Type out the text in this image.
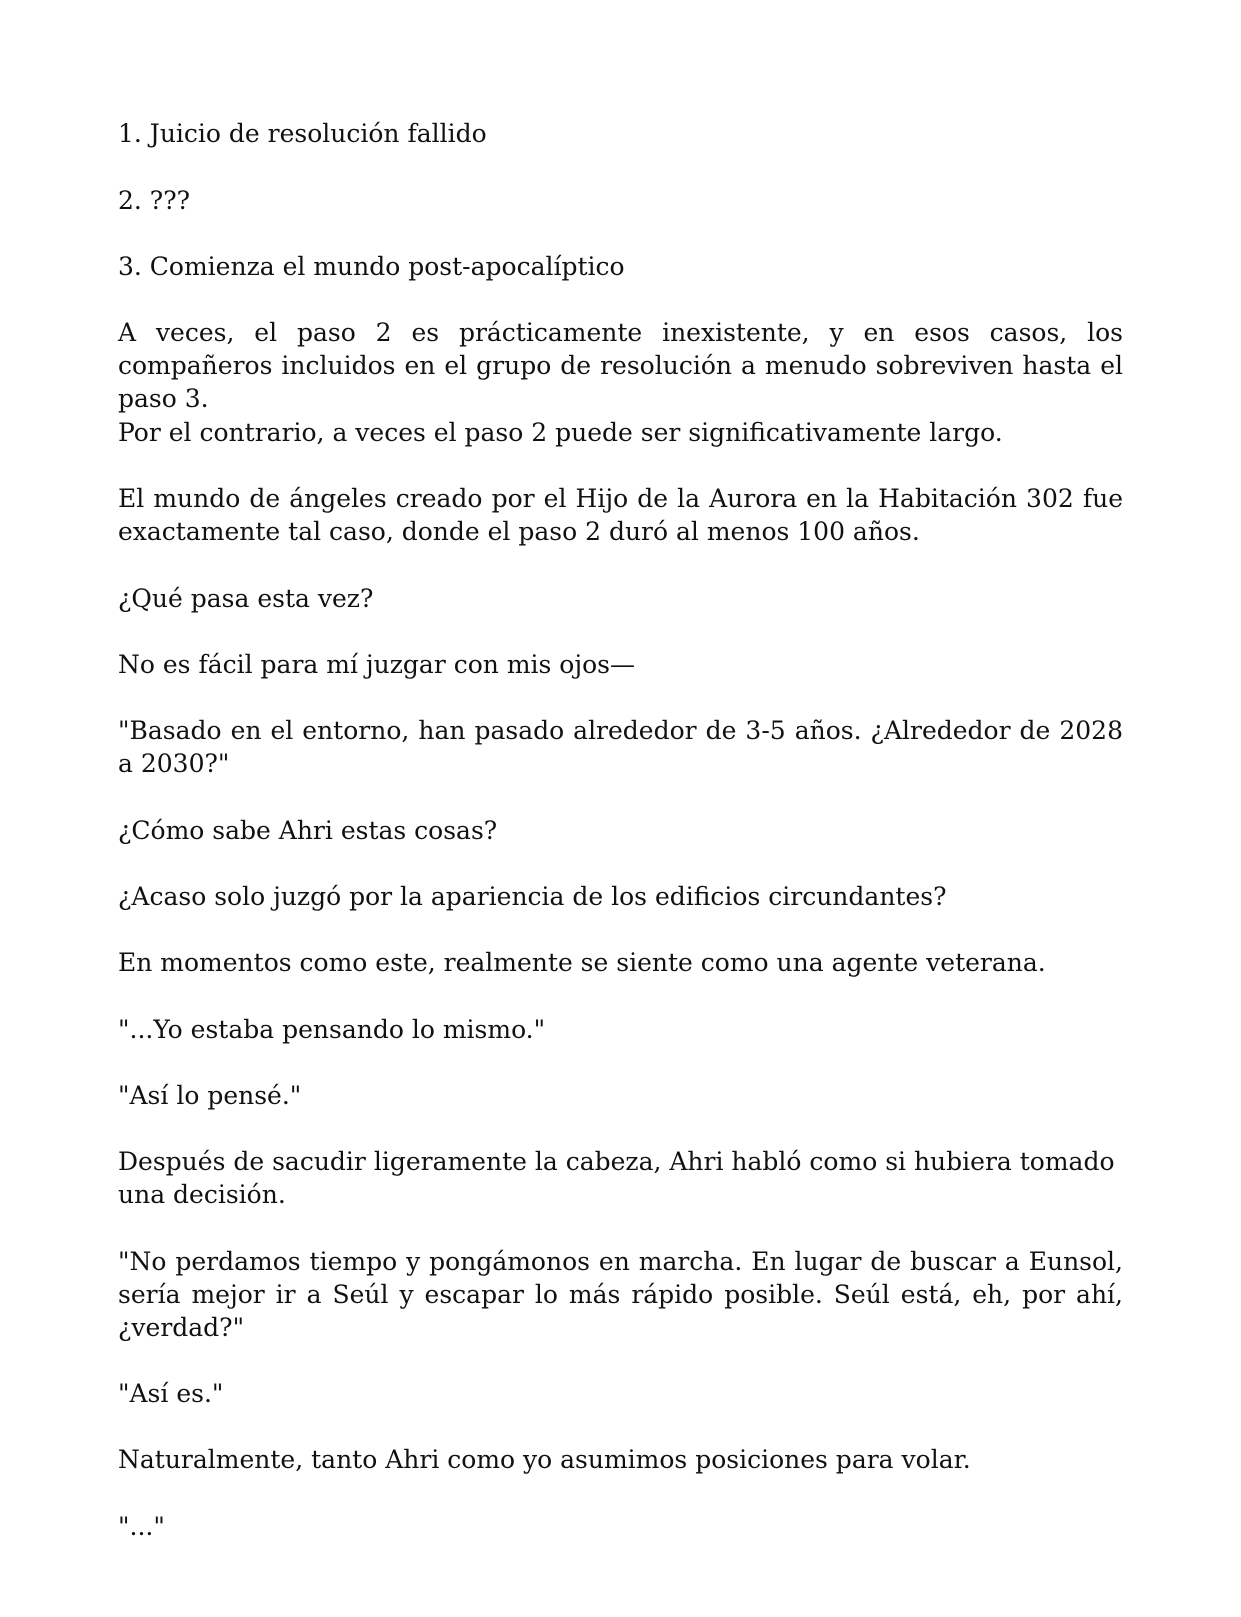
1. Juicio de resolución fallido

2. ???

3. Comienza el mundo post-apocalíptico

A veces, el paso 2 es prácticamente inexistente, y en esos casos, los compañeros incluidos en el grupo de resolución a menudo sobreviven hasta el paso 3.

Por el contrario, a veces el paso 2 puede ser significativamente largo.

El mundo de ángeles creado por el Hijo de la Aurora en la Habitación 302 fue exactamente tal caso, donde el paso 2 duró al menos 100 años.

¿Qué pasa esta vez?

No es fácil para mí juzgar con mis ojos—

"Basado en el entorno, han pasado alrededor de 3-5 años. ¿Alrededor de 2028 a 2030?"

¿Cómo sabe Ahri estas cosas?

¿Acaso solo juzgó por la apariencia de los edificios circundantes?

En momentos como este, realmente se siente como una agente veterana.

"...Yo estaba pensando lo mismo."

"Así lo pensé."

Después de sacudir ligeramente la cabeza, Ahri habló como si hubiera tomado una decisión.

"No perdamos tiempo y pongámonos en marcha. En lugar de buscar a Eunsol, sería mejor ir a Seúl y escapar lo más rápido posible. Seúl está, eh, por ahí, ¿verdad?"

"Así es."

Naturalmente, tanto Ahri como yo asumimos posiciones para volar.

"..."
